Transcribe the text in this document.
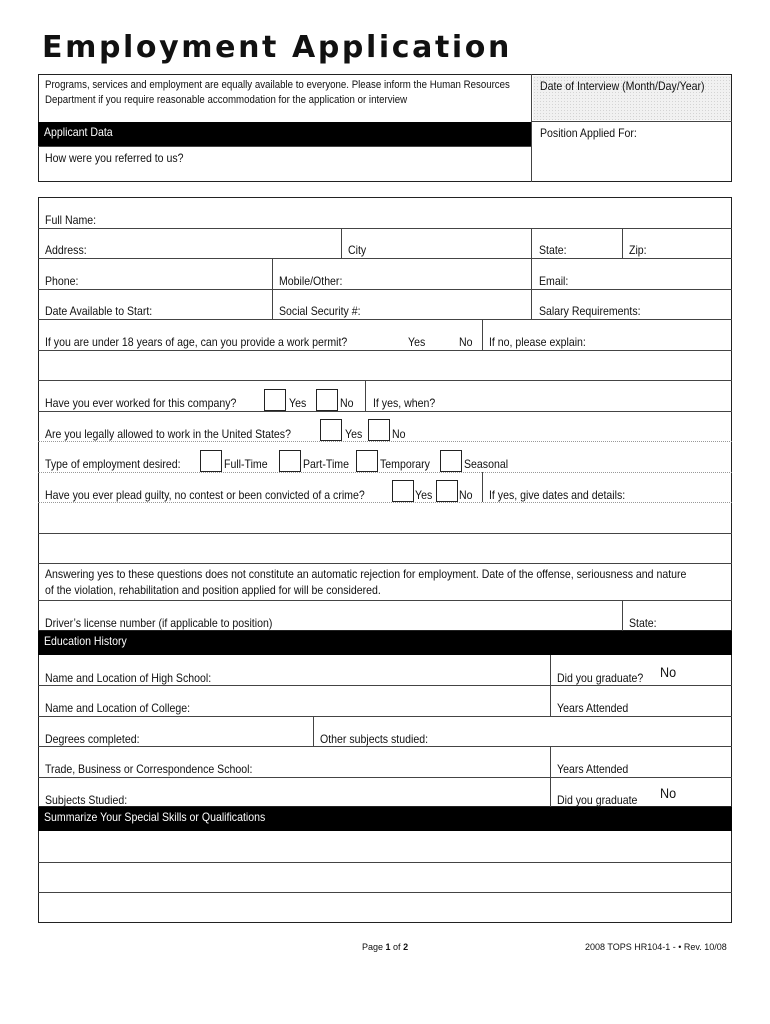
Employment Application
Programs, services and employment are equally available to everyone. Please inform the Human Resources Department if you require reasonable accommodation for the application or interview
Date of Interview (Month/Day/Year)
Applicant Data	Position Applied For:
How were you referred to us?
Full Name:
Address:	City	State:	Zip:
Phone:	Mobile/Other:	Email:
Date Available to Start:	Social Security #:	Salary Requirements:
If you are under 18 years of age, can you provide a work permit?	Yes	No If no, please explain:
Have you ever worked for this company?	Yes	No If yes, when?
Are you legally allowed to work in the United States?	Yes No
Type of employment desired:	Full-Time	Part-Time	Temporary	Seasonal
Have you ever plead guilty, no contest or been convicted of a crime?	Yes No If yes, give dates and details:
Answering yes to these questions does not constitute an automatic rejection for employment. Date of the offense, seriousness and nature of the violation, rehabilitation and position applied for will be considered.
Driver’s license number (if applicable to position)	State:
Education History
Name and Location of High School:	Did you graduate? No
Name and Location of College:	Years Attended
Degrees completed:	Other subjects studied:
Trade, Business or Correspondence School:	Years Attended
Subjects Studied:	Did you graduate No
Summarize Your Special Skills or Qualifications
Page 1 of 2	2008 TOPS HR104-1 - • Rev. 10/08
